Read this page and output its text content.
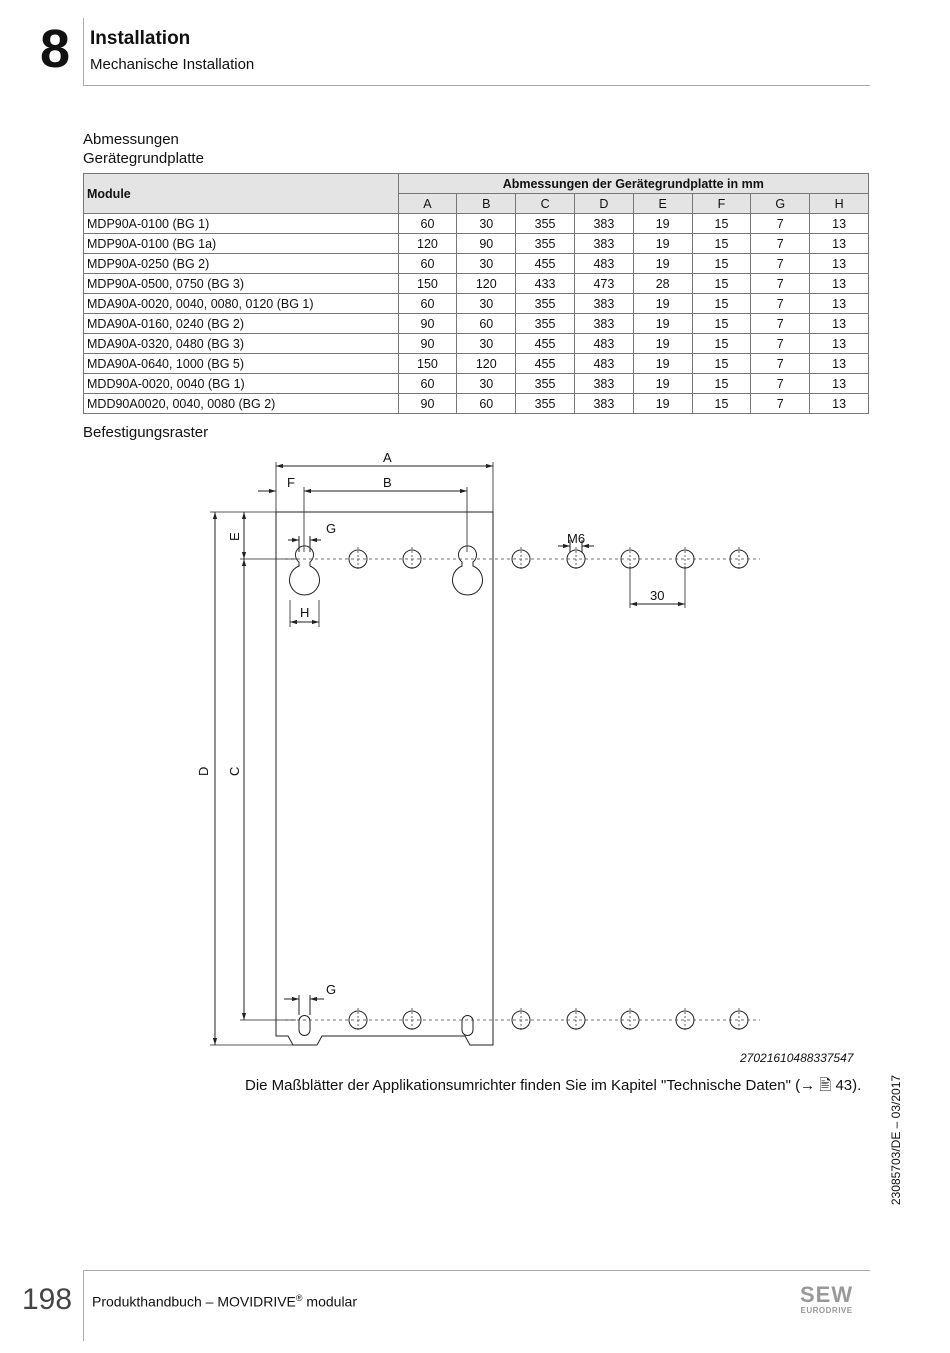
8 Installation
Mechanische Installation
Abmessungen
Gerätegrundplatte
Module	Abmessungen der Gerätegrundplatte in mm							
	A	B	C	D	E	F	G	H
MDP90A-0100 (BG 1)	60	30	355	383	19	15	7	13
MDP90A-0100 (BG 1a)	120	90	355	383	19	15	7	13
MDP90A-0250 (BG 2)	60	30	455	483	19	15	7	13
MDP90A-0500, 0750 (BG 3)	150	120	433	473	28	15	7	13
MDA90A-0020, 0040, 0080, 0120 (BG 1)	60	30	355	383	19	15	7	13
MDA90A-0160, 0240 (BG 2)	90	60	355	383	19	15	7	13
MDA90A-0320, 0480 (BG 3)	90	30	455	483	19	15	7	13
MDA90A-0640, 1000 (BG 5)	150	120	455	483	19	15	7	13
MDD90A-0020, 0040 (BG 1)	60	30	355	383	19	15	7	13
MDD90A0020, 0040, 0080 (BG 2)	90	60	355	383	19	15	7	13
Befestigungsraster
A
B
F
G
H
G
M6
30
E
D C
27021610488337547
Die Maßblätter der Applikationsumrichter finden Sie im Kapitel "Technische Daten" (→ 🖹 43).	23085703/DE – 03/2017
198 Produkthandbuch – MOVIDRIVE® modular	SEW
EURODRIVE
